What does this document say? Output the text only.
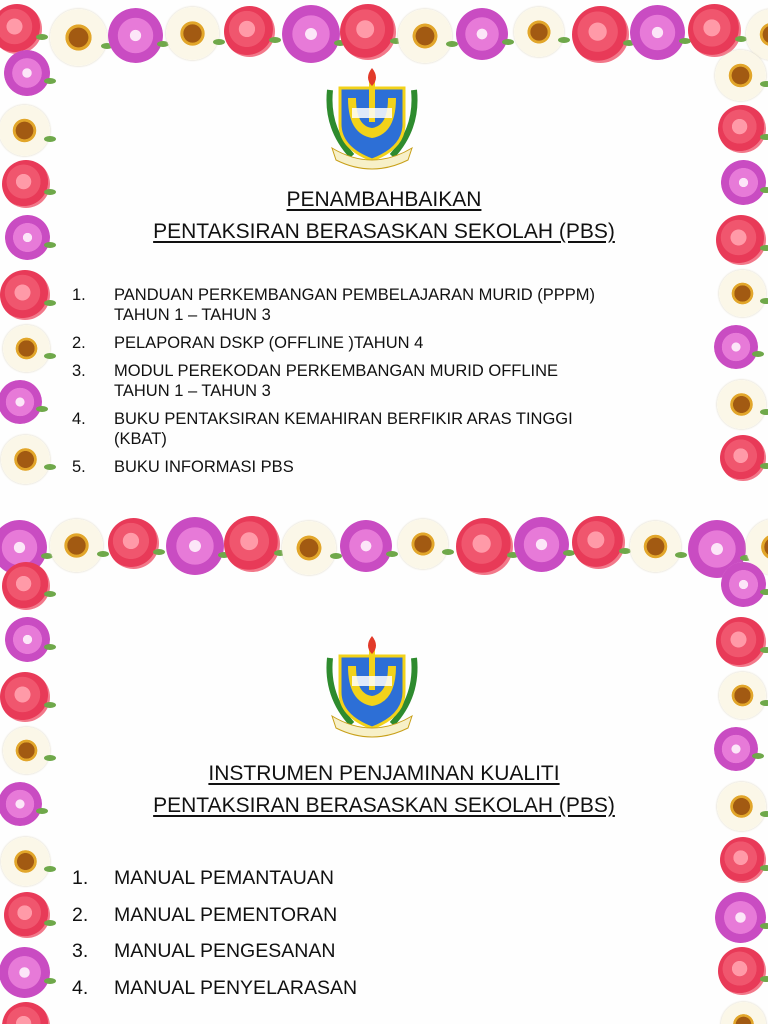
PENAMBAHBAIKAN
PENTAKSIRAN BERASASKAN SEKOLAH (PBS)
1. PANDUAN PERKEMBANGAN PEMBELAJARAN MURID (PPPM)
TAHUN 1 – TAHUN 3
2. PELAPORAN DSKP (OFFLINE )TAHUN 4
3. MODUL PEREKODAN PERKEMBANGAN MURID OFFLINE
TAHUN 1 – TAHUN 3
4. BUKU PENTAKSIRAN KEMAHIRAN BERFIKIR ARAS TINGGI
(KBAT)
5. BUKU INFORMASI PBS
INSTRUMEN PENJAMINAN KUALITI
PENTAKSIRAN BERASASKAN SEKOLAH (PBS)
1. MANUAL PEMANTAUAN
2. MANUAL PEMENTORAN
3. MANUAL PENGESANAN
4. MANUAL PENYELARASAN
